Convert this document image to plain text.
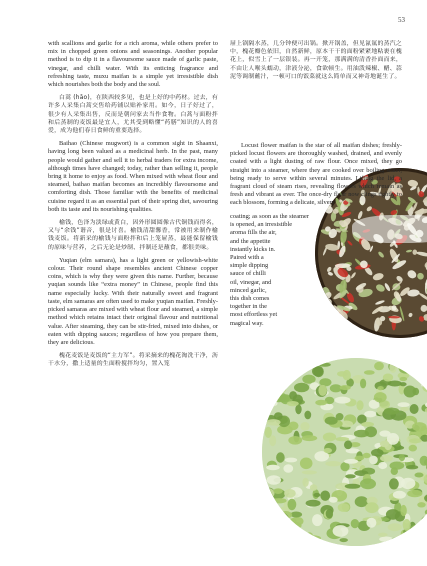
53

with scallions and garlic for a rich aroma, while others prefer to mix in chopped green onions and seasonings. Another popular method is to dip it in a flavoursome sauce made of garlic paste, vinegar, and chilli water. With its enticing fragrance and refreshing taste, muxu maifan is a simple yet irresistible dish which nourishes both the body and the soul.

白蒿 (hāo)，在陕西较多见，也是上好的中药材。过去，有许多人采集白蒿交售给药铺以贴补家用。如今，日子好过了，很少有人采集出售，反而是朝问家去当作食物。白蒿与面粉拌和后蒸制的麦饭最是宜人，尤其受到略懂“药膳”知识的人的喜爱，成为他们春日食鲜的重要选择。

Baihao (Chinese mugwort) is a common sight in Shaanxi, having long been valued as a medicinal herb. In the past, many people would gather and sell it to herbal traders for extra income, although times have changed; today, rather than selling it, people bring it home to enjoy as food. When mixed with wheat flour and steamed, baihao maifan becomes an incredibly flavoursome and comforting dish. Those familiar with the benefits of medicinal cuisine regard it as an essential part of their spring diet, savouring both its taste and its nourishing qualities.

榆钱，色泽为淡绿或黄白，因外形圆圆像古代铜钱而得名，又与“余钱”谐音，很是讨喜。榆钱清甜馨香，常被用来制作榆钱麦饭。将新采的榆钱与面粉拌和后上笼屉蒸，最能保留榆钱的原味与营养，之后无论是炒制、拌制还是蘸食，都很美味。

Yuqian (elm samara), has a light green or yellowish-white colour. Their round shape resembles ancient Chinese copper coins, which is why they were given this name. Further, because yuqian sounds like “extra money” in Chinese, people find this name especially lucky. With their naturally sweet and fragrant taste, elm samaras are often used to make yuqian maifan. Freshly-picked samaras are mixed with wheat flour and steamed, a simple method which retains intact their original flavour and nutritional value. After steaming, they can be stir-fried, mixed into dishes, or eaten with dipping sauces; regardless of how you prepare them, they are delicious.

槐花麦饭是麦饭的“主力军”。将采摘来的槐花淘洗干净，沥干水分，撒上适量的生面粉搅拌均匀，置入笼

屉上锅隔水蒸，几分钟便可出锅。掀开锅盖，但见氤氲的蒸汽之中，槐花瓣色依旧，自然新鲜，原本干干的面粉紧紧地粘裹在槐花上，似雪上了一层银装。再一开笼，那满满的清香扑面而来，不由让人喉头蠕动，津液分泌，食欲顿生。用油泼辣椒、醋、蒜泥等调制蘸汁，一顿可口的饭菜就这么简单而又神奇地诞生了。

Locust flower maifan is the star of all maifan dishes; freshly-picked locust flowers are thoroughly washed, drained, and evenly coated with a light dusting of raw flour. Once mixed, they go straight into a steamer, where they are cooked over boiling water, being ready to serve within several minutes. Lifting the lid, a fragrant cloud of steam rises, revealing flowers which remain as fresh and vibrant as ever. The once-dry flour now clings tightly to each blossom, forming a delicate, silvery

coating; as soon as the steamer

is opened, an irresistible

aroma fills the air,

and the appetite

instantly kicks in.

Paired with a

simple dipping

sauce of chilli

oil, vinegar, and

minced garlic,

this dish comes

together in the

most effortless yet

magical way.
